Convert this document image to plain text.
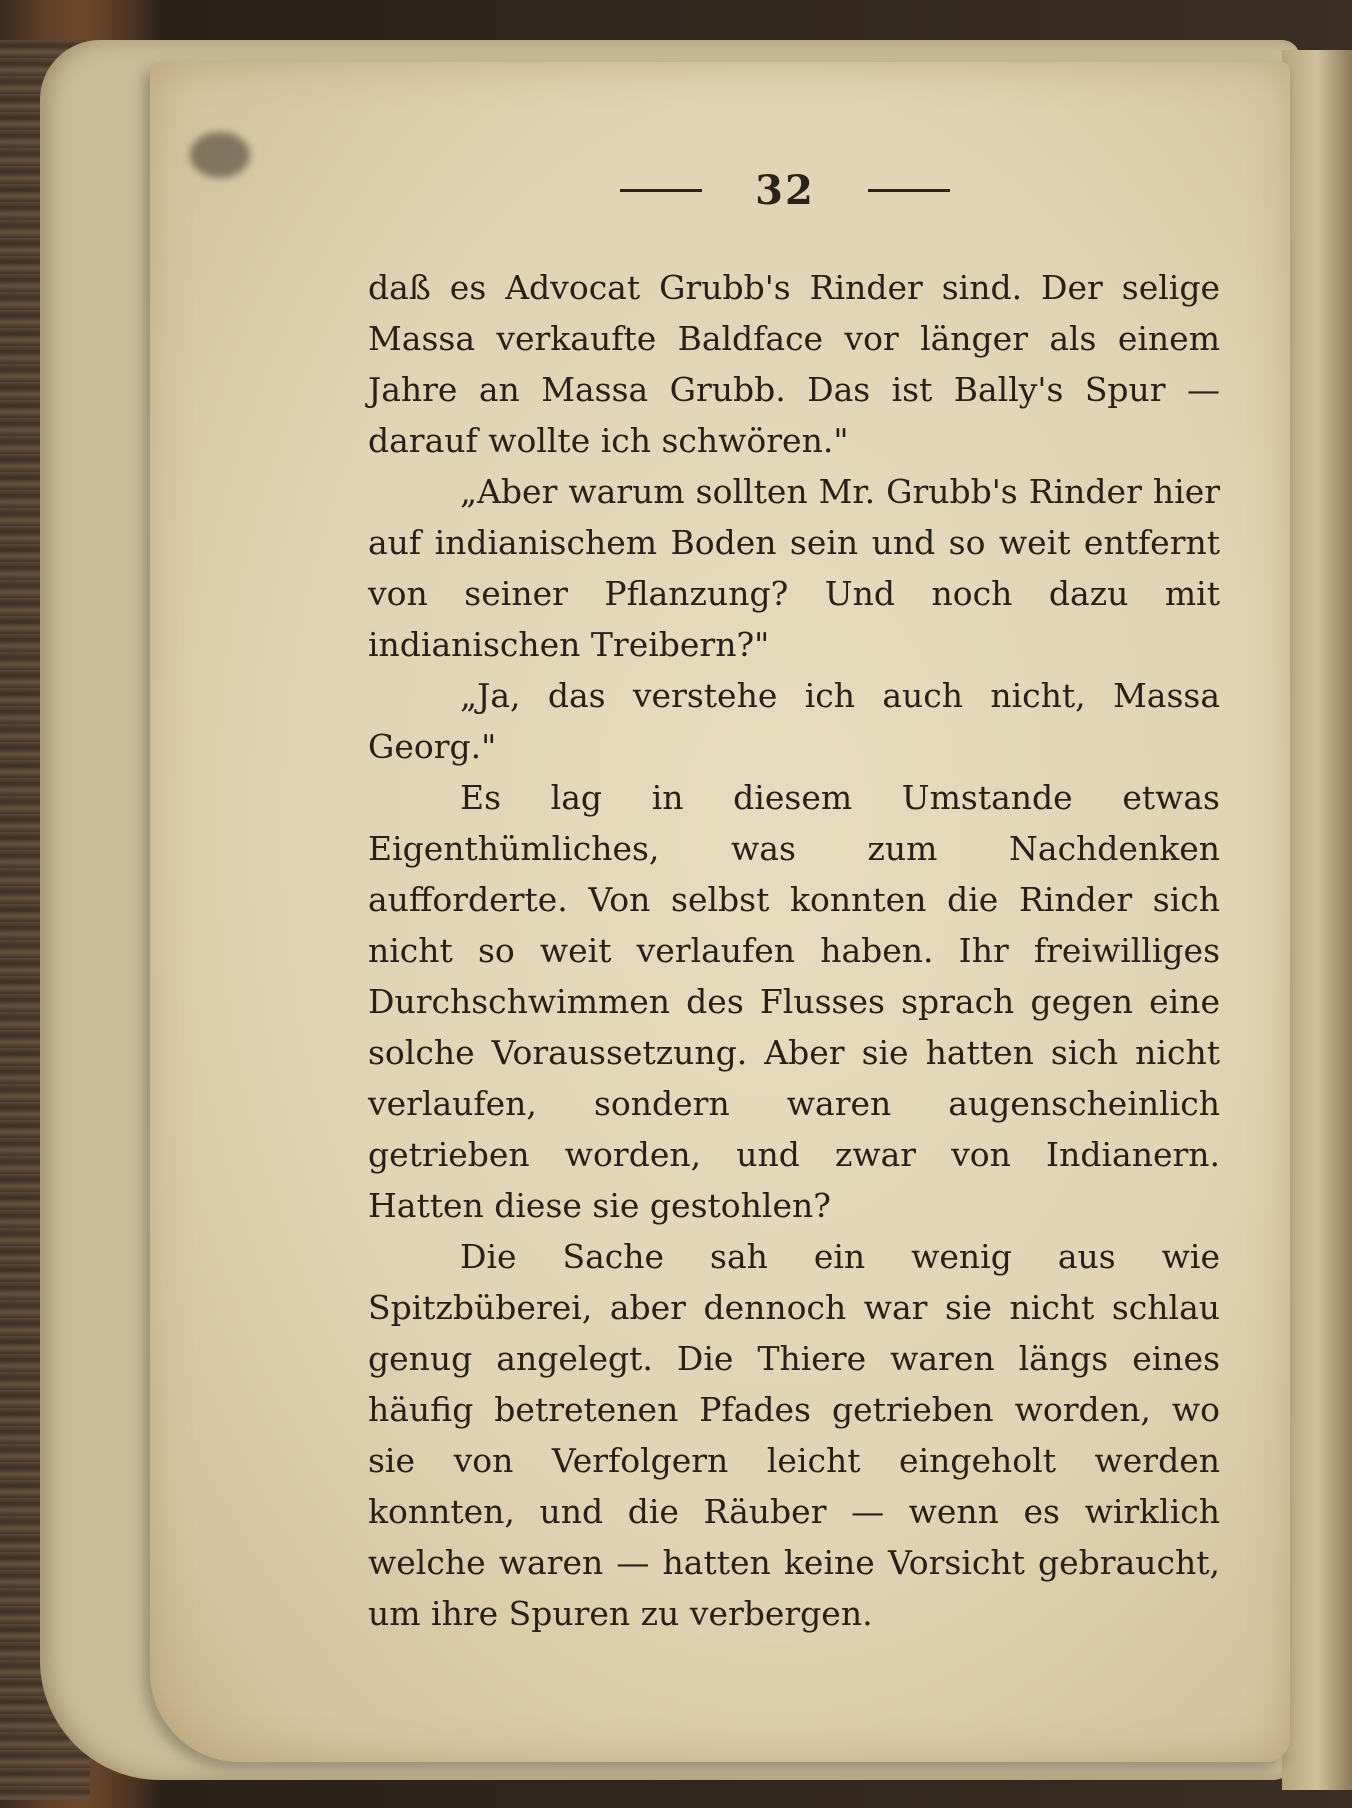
32

daß es Advocat Grubb's Rinder sind. Der selige Massa verkaufte Baldface vor länger als einem Jahre an Massa Grubb. Das ist Bally's Spur — darauf wollte ich schwören."

„Aber warum sollten Mr. Grubb's Rinder hier auf indianischem Boden sein und so weit entfernt von seiner Pflanzung? Und noch dazu mit indianischen Treibern?"

„Ja, das verstehe ich auch nicht, Massa Georg."

Es lag in diesem Umstande etwas Eigenthümliches, was zum Nachdenken aufforderte. Von selbst konnten die Rinder sich nicht so weit verlaufen haben. Ihr freiwilliges Durchschwimmen des Flusses sprach gegen eine solche Voraussetzung. Aber sie hatten sich nicht verlaufen, sondern waren augenscheinlich getrieben worden, und zwar von Indianern. Hatten diese sie gestohlen?

Die Sache sah ein wenig aus wie Spitzbüberei, aber dennoch war sie nicht schlau genug angelegt. Die Thiere waren längs eines häufig betretenen Pfades getrieben worden, wo sie von Verfolgern leicht eingeholt werden konnten, und die Räuber — wenn es wirklich welche waren — hatten keine Vorsicht gebraucht, um ihre Spuren zu verbergen.
